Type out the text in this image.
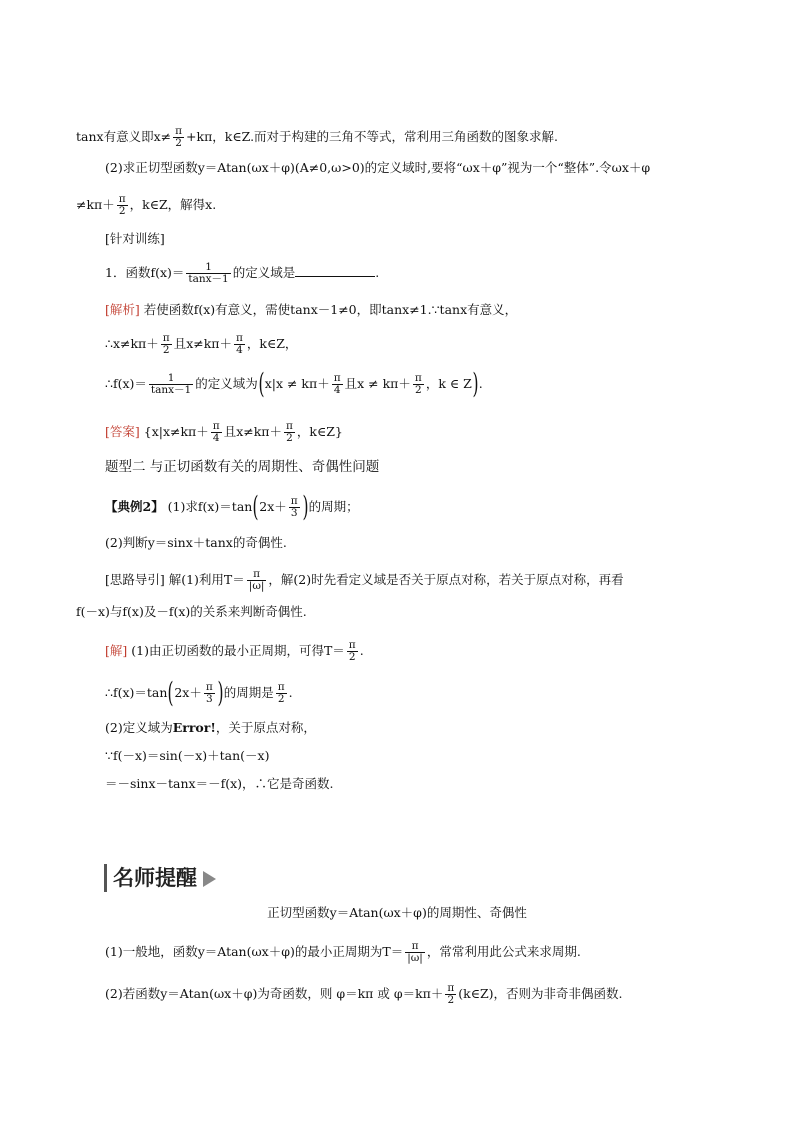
tanx有意义即$x\ne \frac{\pi}{2} +k\pi$，k∈Z.而对于构建的三角不等式，常利用三角函数的图象求解.
(2)求正切型函数y＝Atan(ωx＋φ)(A≠0,ω>0)的定义域时,要将“ωx＋φ”视为一个“整体”.令ωx＋φ
$\ne k\pi+ \frac{\pi}{2}$ ，k∈Z，解得x.
[针对训练]
1．函数$f(x)= \frac{1}{\tan x-1}$ 的定义域是	.
[解析] 若使函数f(x)有意义，需使tanx－1≠0，即tanx≠1.∵tanx有意义，
∴x≠kπ＋ $\frac{\pi}{2}$ 且$x\ne k\pi+ \frac{\pi}{4}$ ，k∈Z，
∴f(x)＝ $\frac{1}{\tan x-1}$ 的定义域为($x|x \ne k\pi+ \frac{\pi}{4}$ 且$x \ne k\pi+ \frac{\pi}{2}$ ，k ∈ Z).
[答案] {$x|x\ne k\pi+ \frac{\pi}{4}$ 且$x\ne k\pi+ \frac{\pi}{2}$ ，k∈Z}
题型二 与正切函数有关的周期性、奇偶性问题
【典例2】 (1)求$f(x)=\tan(2x+ \frac{\pi}{3}$ )的周期；
(2)判断y＝sinx＋tanx的奇偶性.
[思路导引] 解(1)利用$T= \frac{\pi}{|\omega|}$ ，解(2)时先看定义域是否关于原点对称，若关于原点对称，再看
f(－x)与f(x)及－f(x)的关系来判断奇偶性.
[解] (1)由正切函数的最小正周期，可得$T= \frac{\pi}{2}$ .
∴f(x)＝tan(2x＋ $\frac{\pi}{3}$ )的周期是 $\frac{\pi}{2}$ .
(2)定义域为Error!，关于原点对称，
∵f(－x)＝sin(－x)＋tan(－x)
＝－sinx－tanx＝－f(x)，∴它是奇函数.
名师提醒
正切型函数y＝Atan(ωx＋φ)的周期性、奇偶性
(1)一般地，函数y＝Atan(ωx＋φ)的最小正周期为$T= \frac{\pi}{|\omega|}$ ，常常利用此公式来求周期.
(2)若函数y＝Atan(ωx＋φ)为奇函数，则 φ＝kπ 或 $\varphi=k\pi+ \frac{\pi}{2}$ (k∈Z)，否则为非奇非偶函数.
